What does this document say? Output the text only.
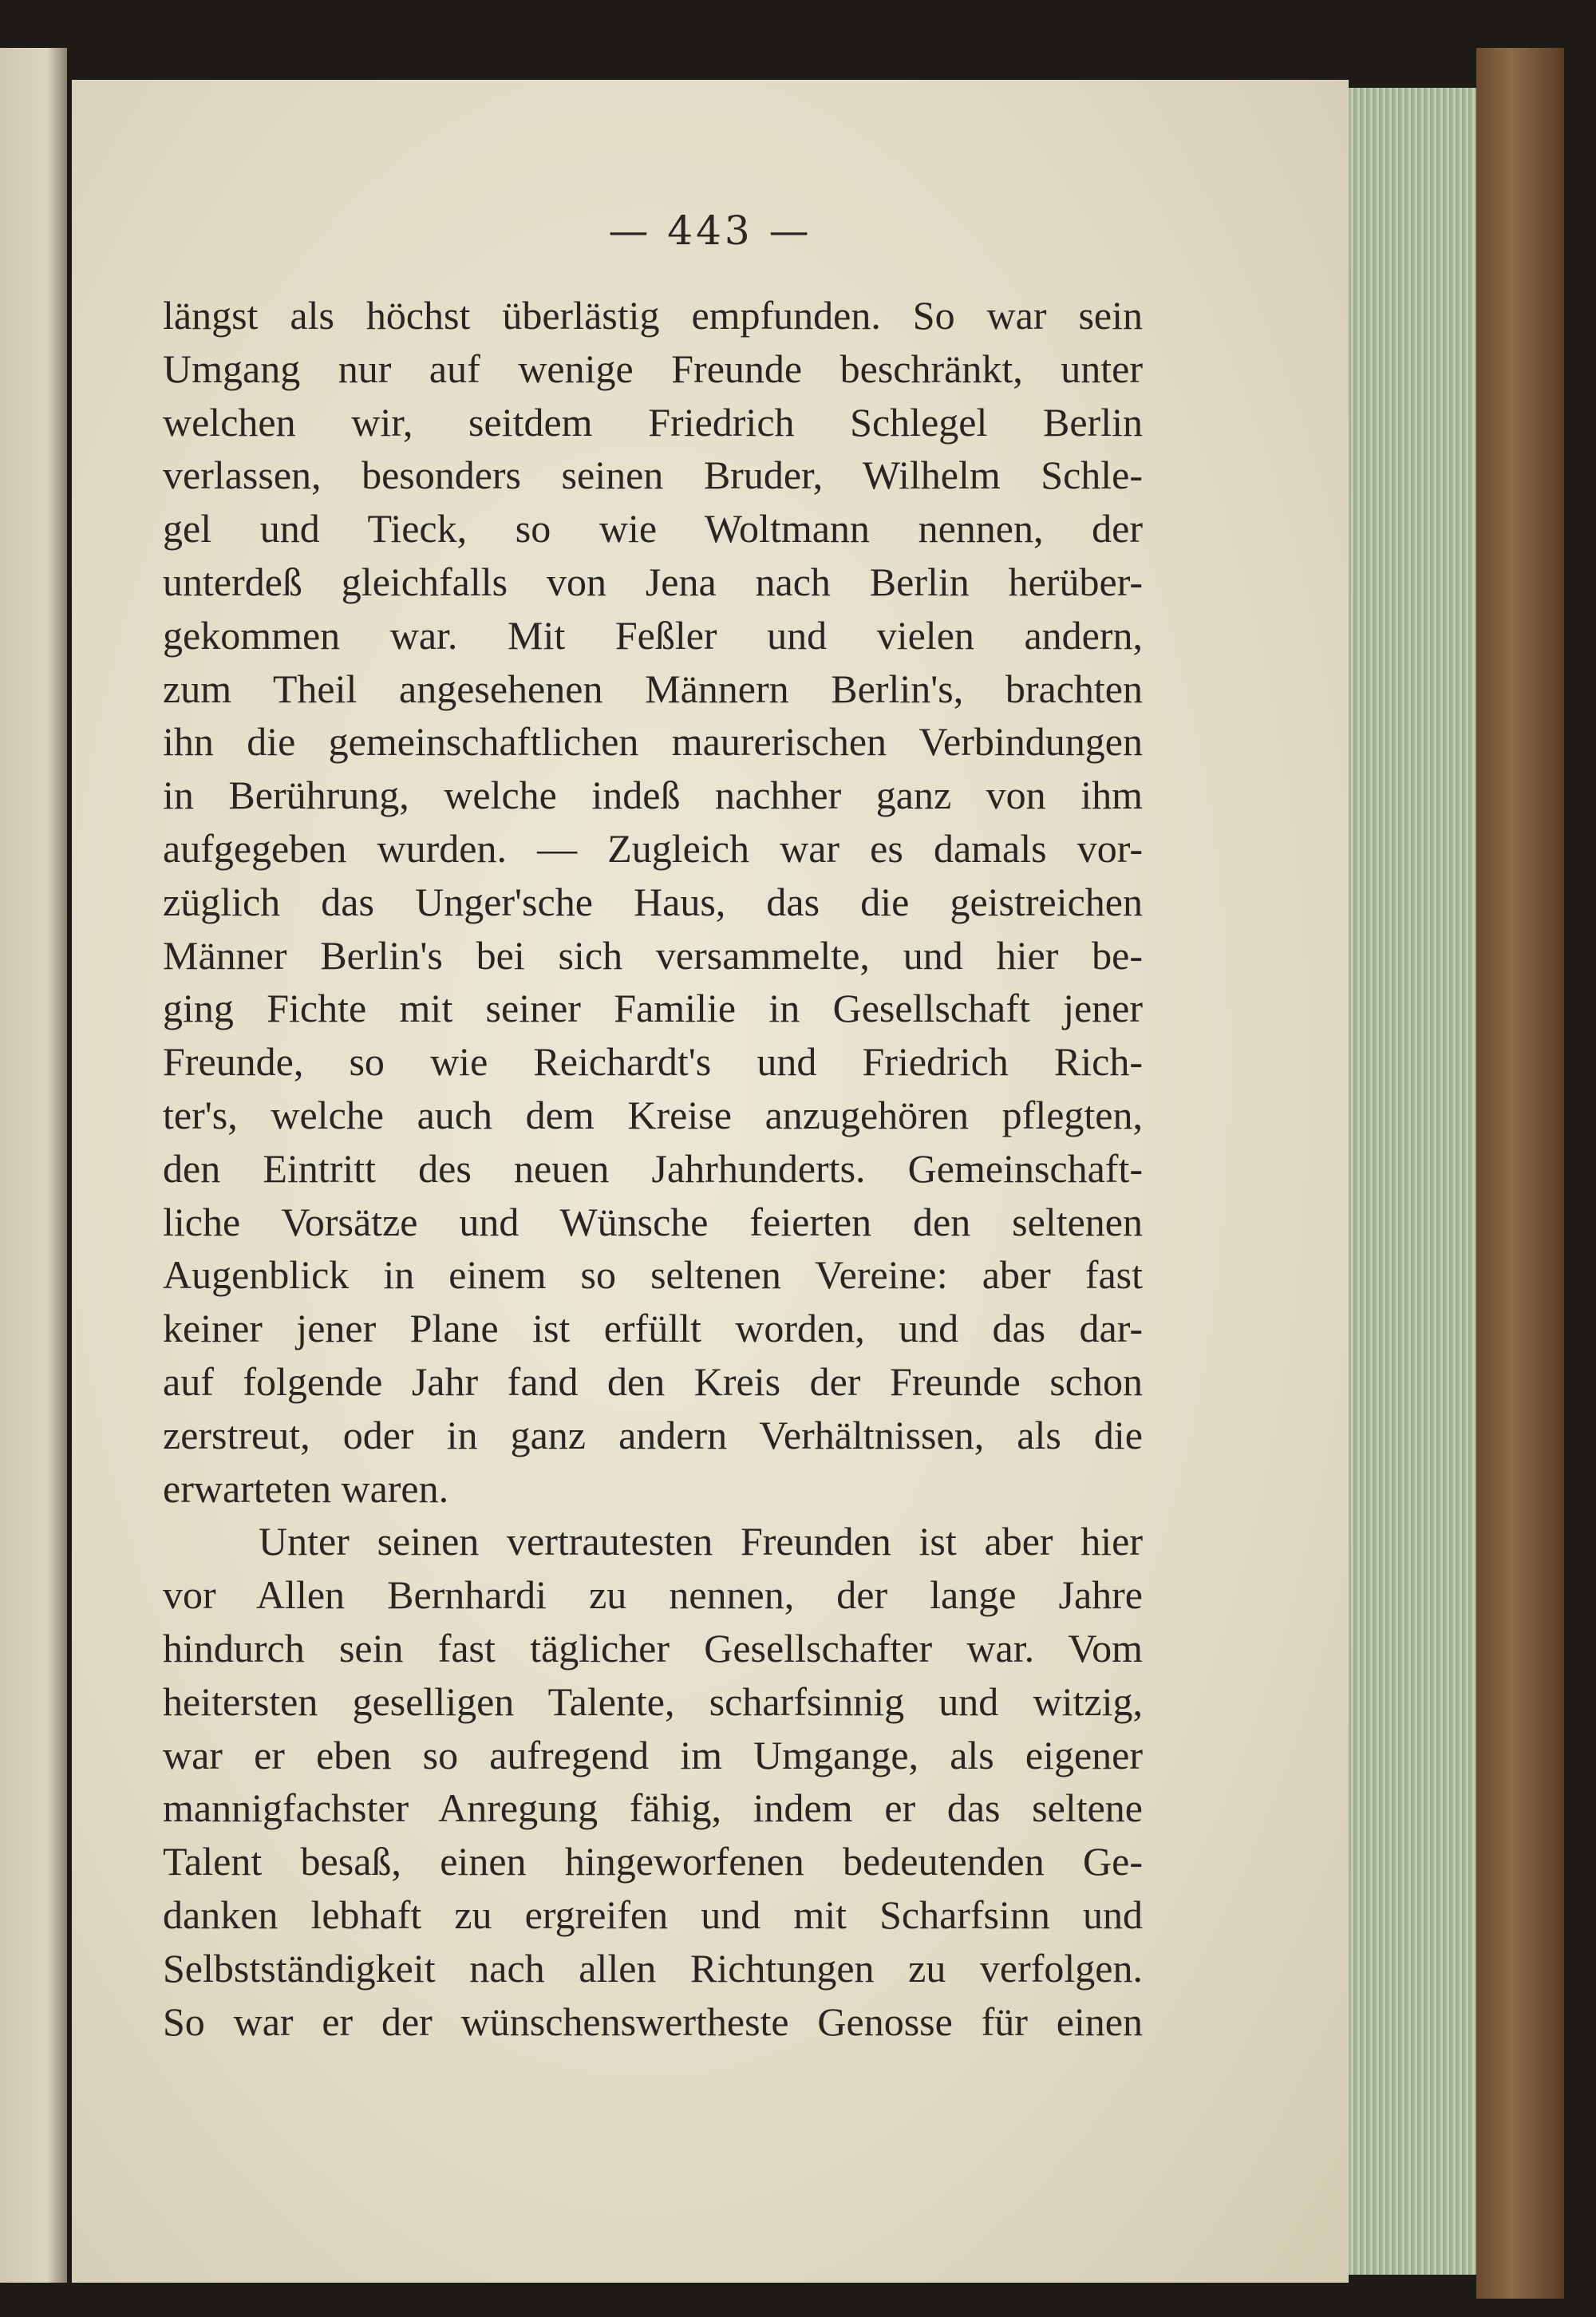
— 443 —
längst als höchst überlästig empfunden. So war sein
Umgang nur auf wenige Freunde beschränkt, unter
welchen wir, seitdem Friedrich Schlegel Berlin
verlassen, besonders seinen Bruder, Wilhelm Schle-
gel und Tieck, so wie Woltmann nennen, der
unterdeß gleichfalls von Jena nach Berlin herüber-
gekommen war. Mit Feßler und vielen andern,
zum Theil angesehenen Männern Berlin's, brachten
ihn die gemeinschaftlichen maurerischen Verbindungen
in Berührung, welche indeß nachher ganz von ihm
aufgegeben wurden. — Zugleich war es damals vor-
züglich das Unger'sche Haus, das die geistreichen
Männer Berlin's bei sich versammelte, und hier be-
ging Fichte mit seiner Familie in Gesellschaft jener
Freunde, so wie Reichardt's und Friedrich Rich-
ter's, welche auch dem Kreise anzugehören pflegten,
den Eintritt des neuen Jahrhunderts. Gemeinschaft-
liche Vorsätze und Wünsche feierten den seltenen
Augenblick in einem so seltenen Vereine: aber fast
keiner jener Plane ist erfüllt worden, und das dar-
auf folgende Jahr fand den Kreis der Freunde schon
zerstreut, oder in ganz andern Verhältnissen, als die
erwarteten waren.
Unter seinen vertrautesten Freunden ist aber hier
vor Allen Bernhardi zu nennen, der lange Jahre
hindurch sein fast täglicher Gesellschafter war. Vom
heitersten geselligen Talente, scharfsinnig und witzig,
war er eben so aufregend im Umgange, als eigener
mannigfachster Anregung fähig, indem er das seltene
Talent besaß, einen hingeworfenen bedeutenden Ge-
danken lebhaft zu ergreifen und mit Scharfsinn und
Selbstständigkeit nach allen Richtungen zu verfolgen.
So war er der wünschenswertheste Genosse für einen
